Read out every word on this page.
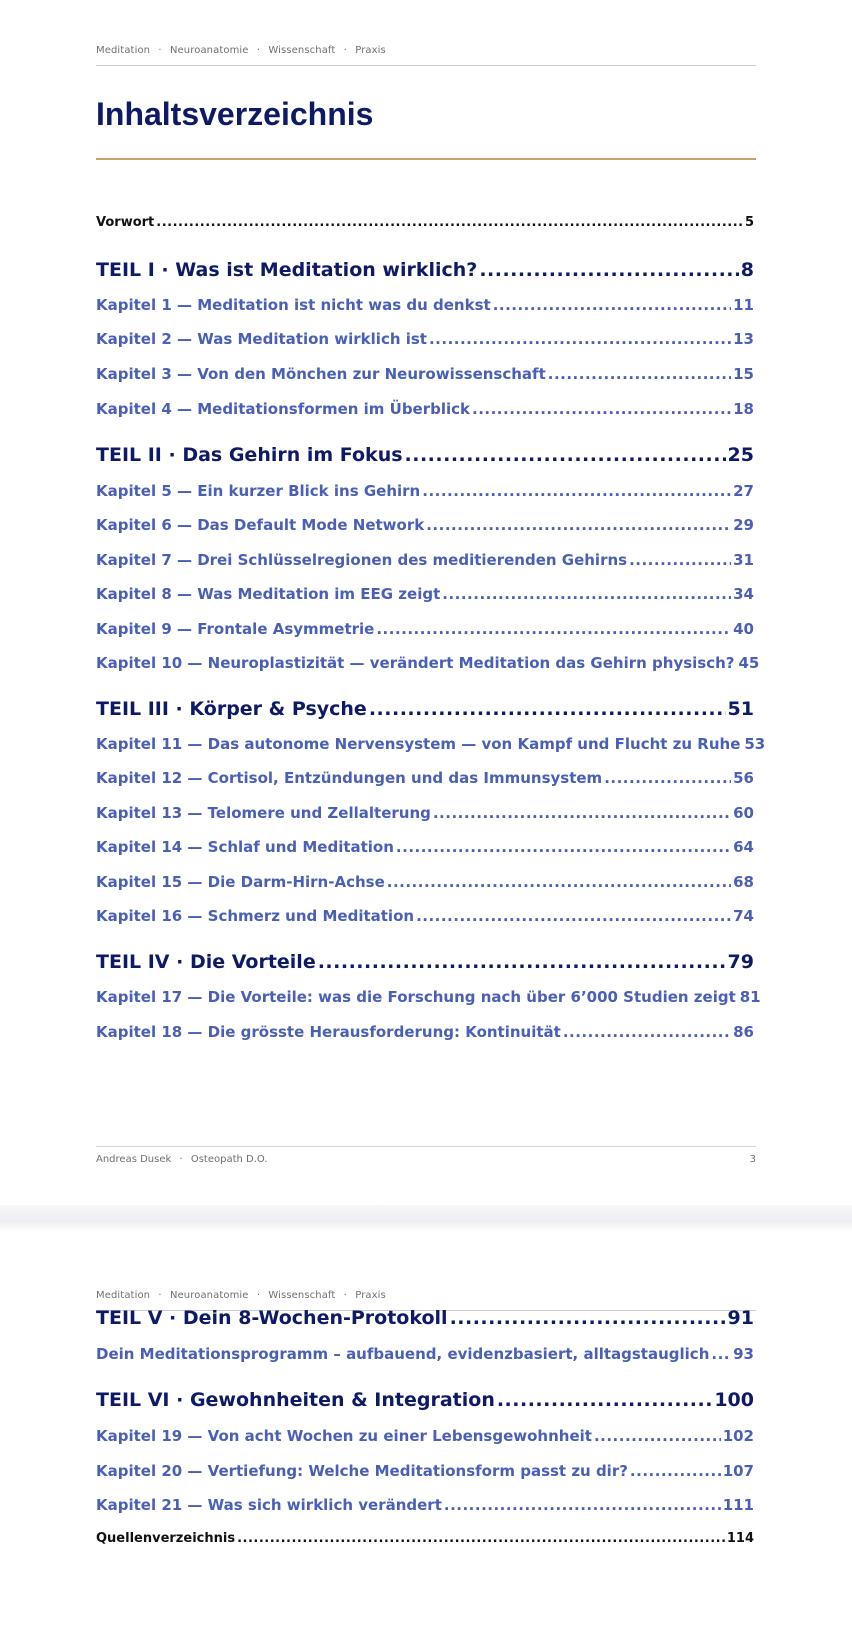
Meditation · Neuroanatomie · Wissenschaft · Praxis
Inhaltsverzeichnis
Vorwort .....	5
TEIL I · Was ist Meditation wirklich? .....	8
Kapitel 1 — Meditation ist nicht was du denkst .....	11
Kapitel 2 — Was Meditation wirklich ist .....	13
Kapitel 3 — Von den Mönchen zur Neurowissenschaft .....	15
Kapitel 4 — Meditationsformen im Überblick .....	18
TEIL II · Das Gehirn im Fokus .....	25
Kapitel 5 — Ein kurzer Blick ins Gehirn .....	27
Kapitel 6 — Das Default Mode Network .....	29
Kapitel 7 — Drei Schlüsselregionen des meditierenden Gehirns .....	31
Kapitel 8 — Was Meditation im EEG zeigt .....	34
Kapitel 9 — Frontale Asymmetrie .....	40
Kapitel 10 — Neuroplastizität — verändert Meditation das Gehirn physisch? 45
TEIL III · Körper & Psyche .....	51
Kapitel 11 — Das autonome Nervensystem — von Kampf und Flucht zu Ruhe 53
Kapitel 12 — Cortisol, Entzündungen und das Immunsystem .....	56
Kapitel 13 — Telomere und Zellalterung .....	60
Kapitel 14 — Schlaf und Meditation .....	64
Kapitel 15 — Die Darm-Hirn-Achse .....	68
Kapitel 16 — Schmerz und Meditation .....	74
TEIL IV · Die Vorteile .....	79
Kapitel 17 — Die Vorteile: was die Forschung nach über 6’000 Studien zeigt 81
Kapitel 18 — Die grösste Herausforderung: Kontinuität .....	86
Andreas Dusek · Osteopath D.O.	3
Meditation · Neuroanatomie · Wissenschaft · Praxis
TEIL V · Dein 8-Wochen-Protokoll .....	91
Dein Meditationsprogramm – aufbauend, evidenzbasiert, alltagstauglich ..... 93
TEIL VI · Gewohnheiten & Integration .....	100
Kapitel 19 — Von acht Wochen zu einer Lebensgewohnheit .....	102
Kapitel 20 — Vertiefung: Welche Meditationsform passt zu dir? .....	107
Kapitel 21 — Was sich wirklich verändert .....	111
Quellenverzeichnis .....	114
